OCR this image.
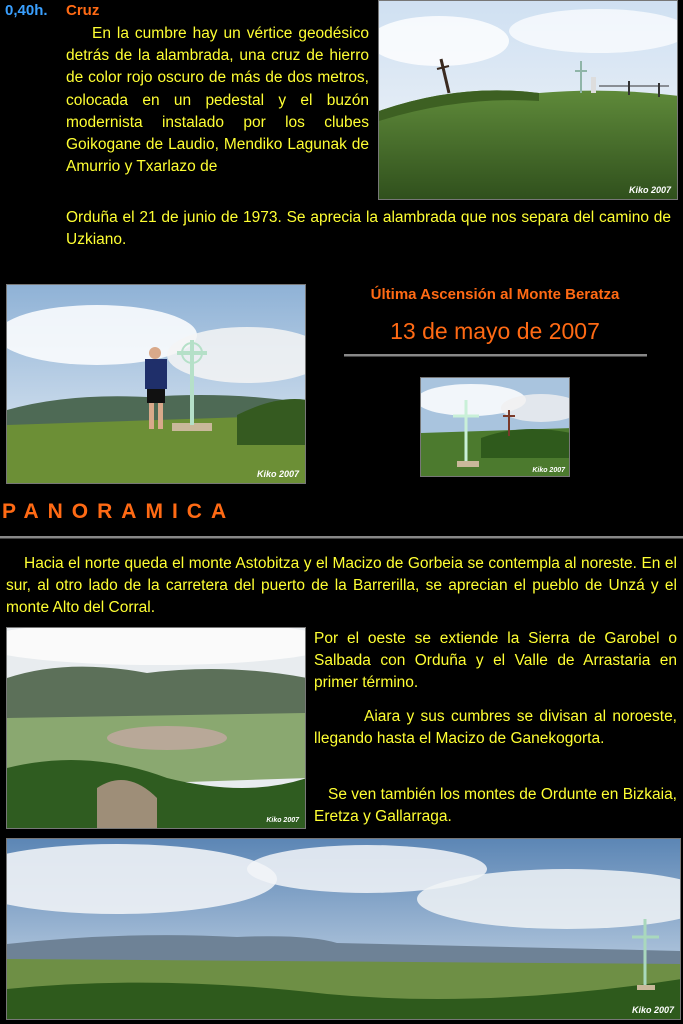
0,40h. Cruz
En la cumbre hay un vértice geodésico detrás de la alambrada, una cruz de hierro de color rojo oscuro de más de dos metros, colocada en un pedestal y el buzón modernista instalado por los clubes Goikogane de Laudio, Mendiko Lagunak de Amurrio y Txarlazo de
Kiko 2007
Orduña el 21 de junio de 1973. Se aprecia la alambrada que nos separa del camino de Uzkiano.
Kiko 2007
Última Ascensión al Monte Beratza
13 de mayo de 2007
Kiko 2007
PANORAMICA
Hacia el norte queda el monte Astobitza y el Macizo de Gorbeia se contempla al noreste. En el sur, al otro lado de la carretera del puerto de la Barrerilla, se aprecian el pueblo de Unzá y el monte Alto del Corral.
Kiko 2007
Por el oeste se extiende la Sierra de Garobel o Salbada con Orduña y el Valle de Arrastaria en primer término.
Aiara y sus cumbres se divisan al noroeste, llegando hasta el Macizo de Ganekogorta.
Se ven también los montes de Ordunte en Bizkaia, Eretza y Gallarraga.
Kiko 2007
